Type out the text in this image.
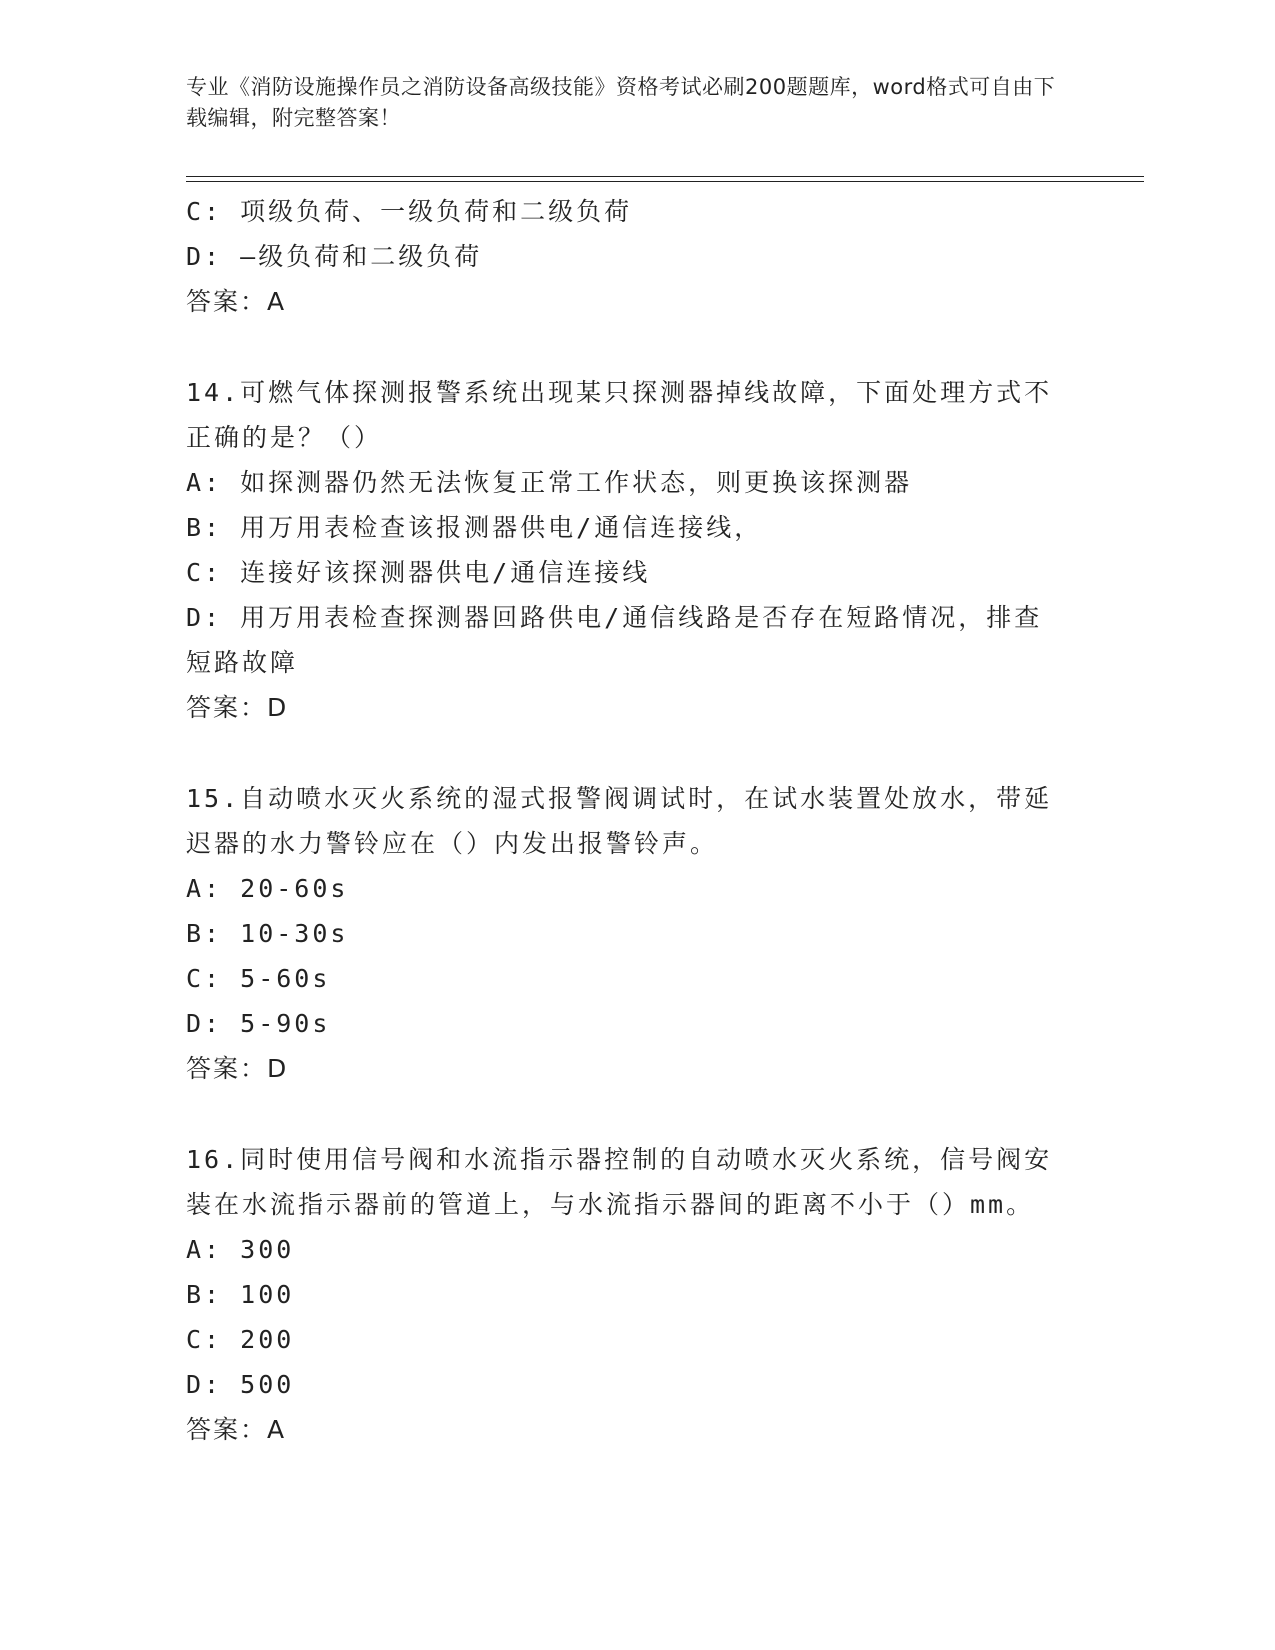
专业《消防设施操作员之消防设备高级技能》资格考试必刷200题题库，word格式可自由下载编辑，附完整答案！

C: 项级负荷、一级负荷和二级负荷

D: —级负荷和二级负荷

答案：A

14.可燃气体探测报警系统出现某只探测器掉线故障，下面处理方式不正确的是？（）

A: 如探测器仍然无法恢复正常工作状态，则更换该探测器

B: 用万用表检查该报测器供电/通信连接线，

C: 连接好该探测器供电/通信连接线

D: 用万用表检查探测器回路供电/通信线路是否存在短路情况，排查短路故障

答案：D

15.自动喷水灭火系统的湿式报警阀调试时，在试水装置处放水，带延迟器的水力警铃应在（）内发出报警铃声。

A: 20-60s

B: 10-30s

C: 5-60s

D: 5-90s

答案：D

16.同时使用信号阀和水流指示器控制的自动喷水灭火系统，信号阀安装在水流指示器前的管道上，与水流指示器间的距离不小于（）mm。

A: 300

B: 100

C: 200

D: 500

答案：A
